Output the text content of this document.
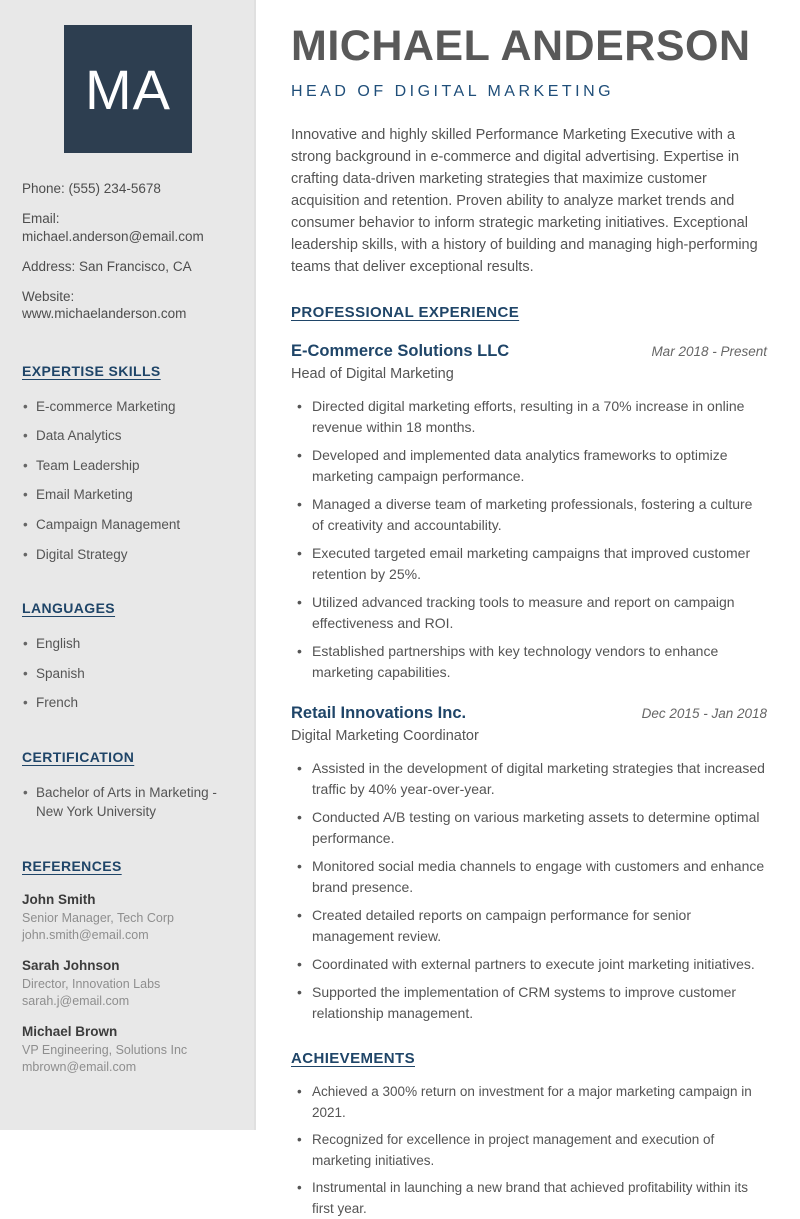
MA
Phone: (555) 234-5678
Email: michael.anderson@email.com
Address: San Francisco, CA
Website: www.michaelanderson.com
EXPERTISE SKILLS
• E-commerce Marketing
• Data Analytics
• Team Leadership
• Email Marketing
• Campaign Management
• Digital Strategy
LANGUAGES
• English
• Spanish
• French
CERTIFICATION
• Bachelor of Arts in Marketing - New York University
REFERENCES
John Smith
Senior Manager, Tech Corp
john.smith@email.com
Sarah Johnson
Director, Innovation Labs
sarah.j@email.com
Michael Brown
VP Engineering, Solutions Inc
mbrown@email.com
MICHAEL ANDERSON
HEAD OF DIGITAL MARKETING

Innovative and highly skilled Performance Marketing Executive with a strong background in e-commerce and digital advertising. Expertise in crafting data-driven marketing strategies that maximize customer acquisition and retention. Proven ability to analyze market trends and consumer behavior to inform strategic marketing initiatives. Exceptional leadership skills, with a history of building and managing high-performing teams that deliver exceptional results.

PROFESSIONAL EXPERIENCE
E-Commerce Solutions LLC	Mar 2018 - Present
Head of Digital Marketing
• Directed digital marketing efforts, resulting in a 70% increase in online revenue within 18 months.
• Developed and implemented data analytics frameworks to optimize marketing campaign performance.
• Managed a diverse team of marketing professionals, fostering a culture of creativity and accountability.
• Executed targeted email marketing campaigns that improved customer retention by 25%.
• Utilized advanced tracking tools to measure and report on campaign effectiveness and ROI.
• Established partnerships with key technology vendors to enhance marketing capabilities.
Retail Innovations Inc.	Dec 2015 - Jan 2018
Digital Marketing Coordinator
• Assisted in the development of digital marketing strategies that increased traffic by 40% year-over-year.
• Conducted A/B testing on various marketing assets to determine optimal performance.
• Monitored social media channels to engage with customers and enhance brand presence.
• Created detailed reports on campaign performance for senior management review.
• Coordinated with external partners to execute joint marketing initiatives.
• Supported the implementation of CRM systems to improve customer relationship management.
ACHIEVEMENTS
• Achieved a 300% return on investment for a major marketing campaign in 2021.
• Recognized for excellence in project management and execution of marketing initiatives.
• Instrumental in launching a new brand that achieved profitability within its first year.
